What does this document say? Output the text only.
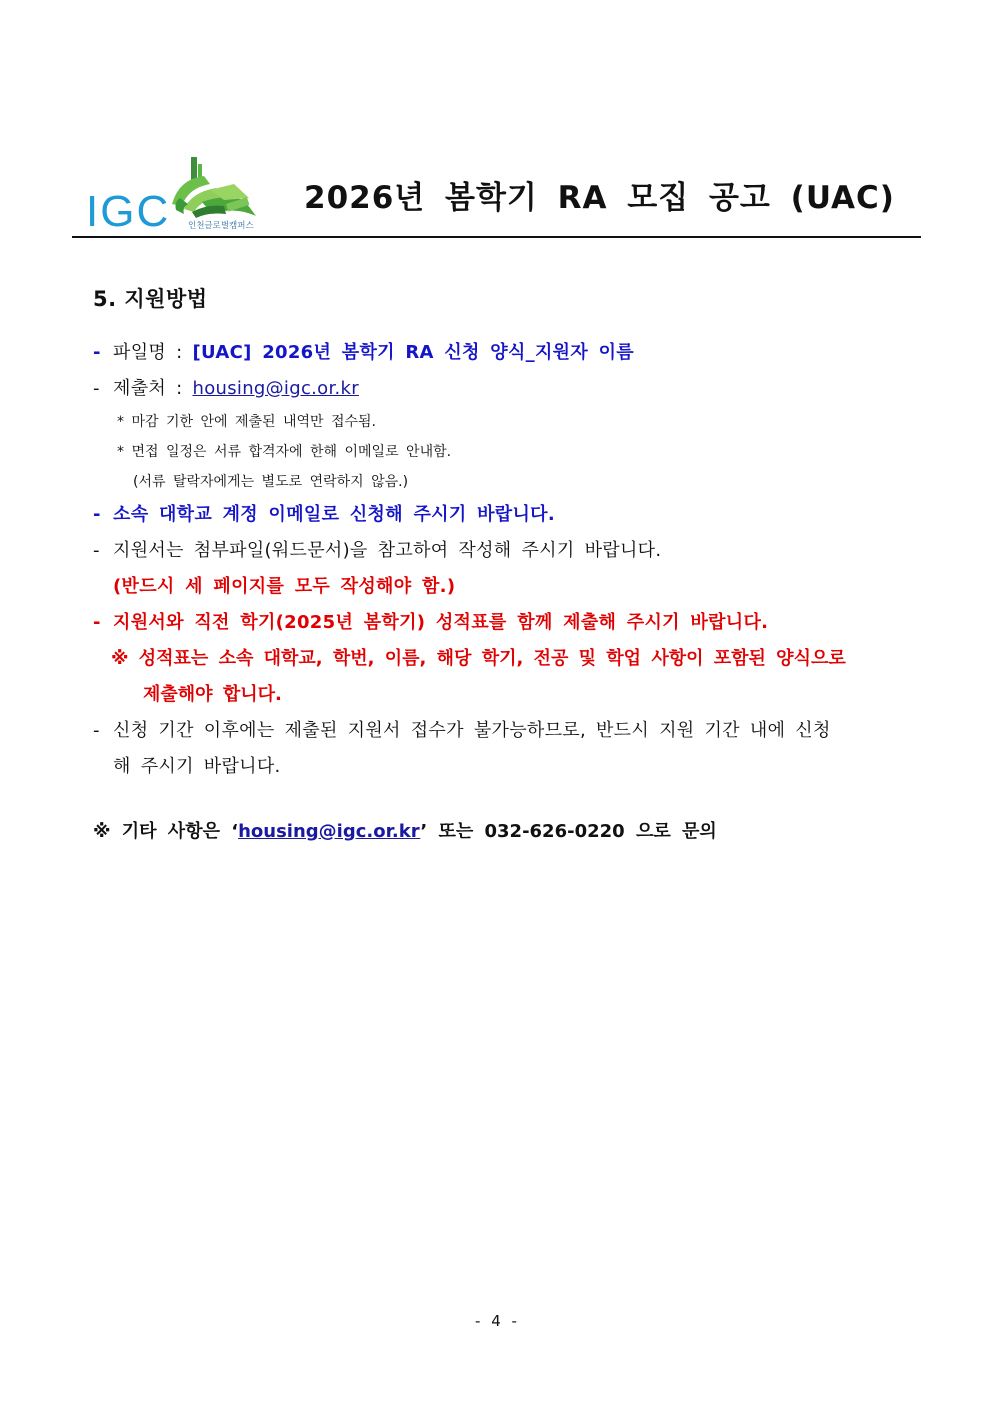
IGC 인천글로벌캠퍼스
2026년 봄학기 RA 모집 공고 (UAC)
5. 지원방법
- 파일명 : [UAC] 2026년 봄학기 RA 신청 양식_지원자 이름
- 제출처 : housing@igc.or.kr
* 마감 기한 안에 제출된 내역만 접수됨.
* 면접 일정은 서류 합격자에 한해 이메일로 안내함.
(서류 탈락자에게는 별도로 연락하지 않음.)
- 소속 대학교 계정 이메일로 신청해 주시기 바랍니다.
- 지원서는 첨부파일(워드문서)을 참고하여 작성해 주시기 바랍니다.
(반드시 세 페이지를 모두 작성해야 함.)
- 지원서와 직전 학기(2025년 봄학기) 성적표를 함께 제출해 주시기 바랍니다.
※ 성적표는 소속 대학교, 학번, 이름, 해당 학기, 전공 및 학업 사항이 포함된 양식으로
제출해야 합니다.
- 신청 기간 이후에는 제출된 지원서 접수가 불가능하므로, 반드시 지원 기간 내에 신청
해 주시기 바랍니다.
※ 기타 사항은 ‘housing@igc.or.kr’ 또는 032-626-0220 으로 문의
- 4 -
